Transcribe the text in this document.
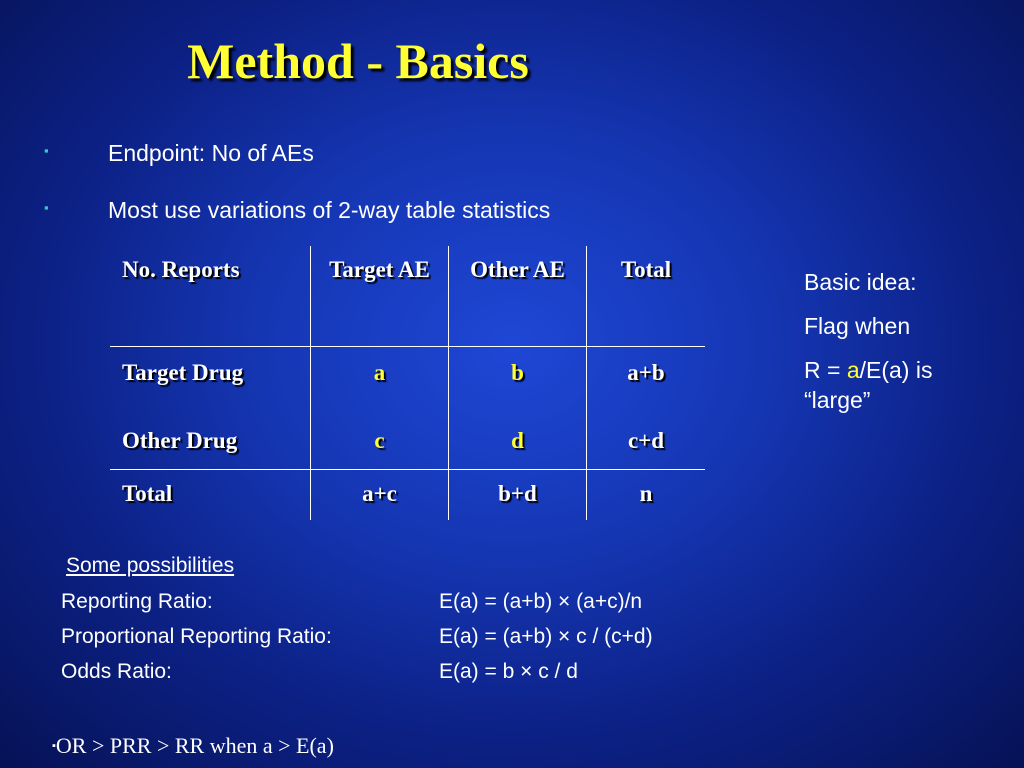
Method - Basics
▪	Endpoint: No of AEs
▪	Most use variations of 2-way table statistics
No. Reports	Target AE	Other AE	Total
Target Drug	a	b	a+b
Other Drug	c	d	c+d
Total	a+c	b+d	n
Basic idea:
Flag when
R = a/E(a) is
“large”
Some possibilities
Reporting Ratio:	E(a) = (a+b) × (a+c)/n
Proportional Reporting Ratio:	E(a) = (a+b) × c / (c+d)
Odds Ratio:	E(a) = b × c / d
▪OR > PRR > RR when a > E(a)
